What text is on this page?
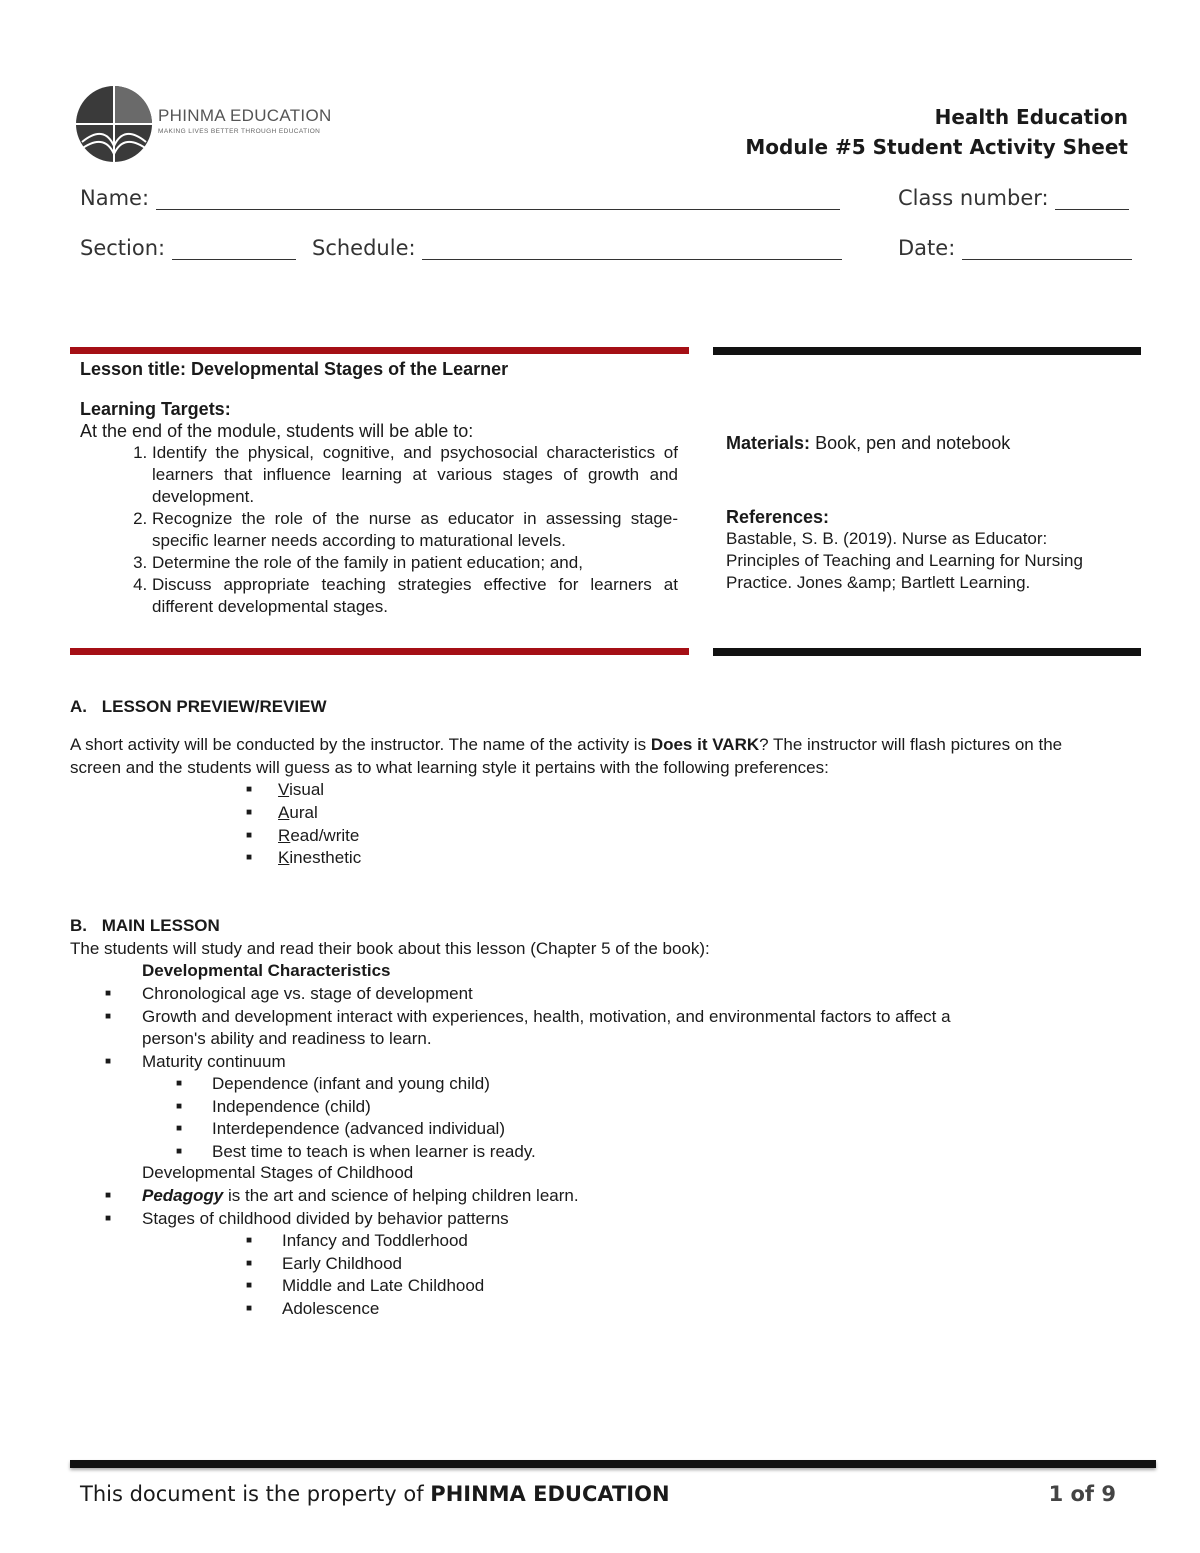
PHINMA EDUCATION
MAKING LIVES BETTER THROUGH EDUCATION
Health Education
Module #5 Student Activity Sheet
Name:	Class number:
Section:	Schedule:	Date:
Lesson title: Developmental Stages of the Learner
Learning Targets:
At the end of the module, students will be able to:
1. Identify the physical, cognitive, and psychosocial characteristics of learners that influence learning at various stages of growth and development.
2. Recognize the role of the nurse as educator in assessing stage-specific learner needs according to maturational levels.
3. Determine the role of the family in patient education; and,
4. Discuss appropriate teaching strategies effective for learners at different developmental stages.
Materials: Book, pen and notebook
References:
Bastable, S. B. (2019). Nurse as Educator: Principles of Teaching and Learning for Nursing Practice. Jones &amp; Bartlett Learning.
A. LESSON PREVIEW/REVIEW
A short activity will be conducted by the instructor. The name of the activity is Does it VARK? The instructor will flash pictures on the screen and the students will guess as to what learning style it pertains with the following preferences:
■ Visual
■ Aural
■ Read/write
■ Kinesthetic
B. MAIN LESSON
The students will study and read their book about this lesson (Chapter 5 of the book):
Developmental Characteristics
■ Chronological age vs. stage of development
■ Growth and development interact with experiences, health, motivation, and environmental factors to affect a
person's ability and readiness to learn.
■ Maturity continuum
■ Dependence (infant and young child)
■ Independence (child)
■ Interdependence (advanced individual)
■ Best time to teach is when learner is ready.
Developmental Stages of Childhood
■ Pedagogy is the art and science of helping children learn.
■ Stages of childhood divided by behavior patterns
■ Infancy and Toddlerhood
■ Early Childhood
■ Middle and Late Childhood
■ Adolescence
This document is the property of PHINMA EDUCATION	1 of 9
